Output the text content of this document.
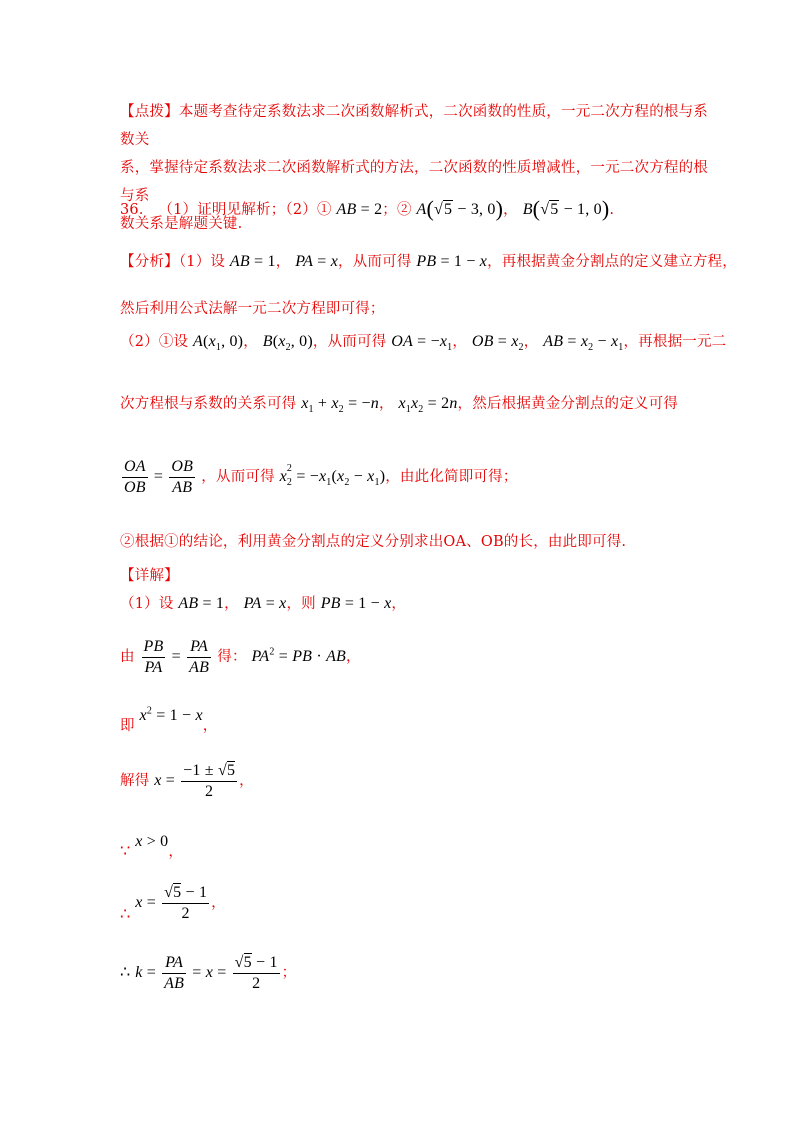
【点拨】本题考查待定系数法求二次函数解析式，二次函数的性质，一元二次方程的根与系数关
系，掌握待定系数法求二次函数解析式的方法，二次函数的性质增减性，一元二次方程的根与系
数关系是解题关键.
36． （1）证明见解析；（2）① AB = 2；② A(√5 − 3, 0)， B(√5 − 1, 0).
【分析】（1）设 AB = 1， PA = x，从而可得 PB = 1 − x，再根据黄金分割点的定义建立方程，
然后利用公式法解一元二次方程即可得；
（2）①设 $A(x_1$, 0)， $B(x_2$, 0)，从而可得 OA = $-x_1$， OB = $x_2$， AB = $x_2 - x_1$，再根据一元二
次方程根与系数的关系可得 $x_1 + x_2 = -n$， $x_1x_2 = 2n$，然后根据黄金分割点的定义可得
$\frac{OA}{OB} = \frac{OB}{AB}$ ，从而可得 x $_{2 2} = -x_1(x_2 - x_1)$，由此化简即可得；
②根据①的结论，利用黄金分割点的定义分别求出OA、OB的长，由此即可得.
【详解】
（1）设 AB = 1， PA = x，则 PB = 1 − x，
由 $\frac{PB}{PA} = \frac{PA}{AB}$ 得： $PA^2$ = PB · AB，
即 $x^2 = 1 - x$，
解得 $x = \frac{-1 \pm √5}{2}$ ，
∵ x > 0，
∴ $x = \frac{√5 - 1}{2}$ ，
∴ $k = \frac{PA}{AB} = x = \frac{√5 - 1}{2}$ ；
